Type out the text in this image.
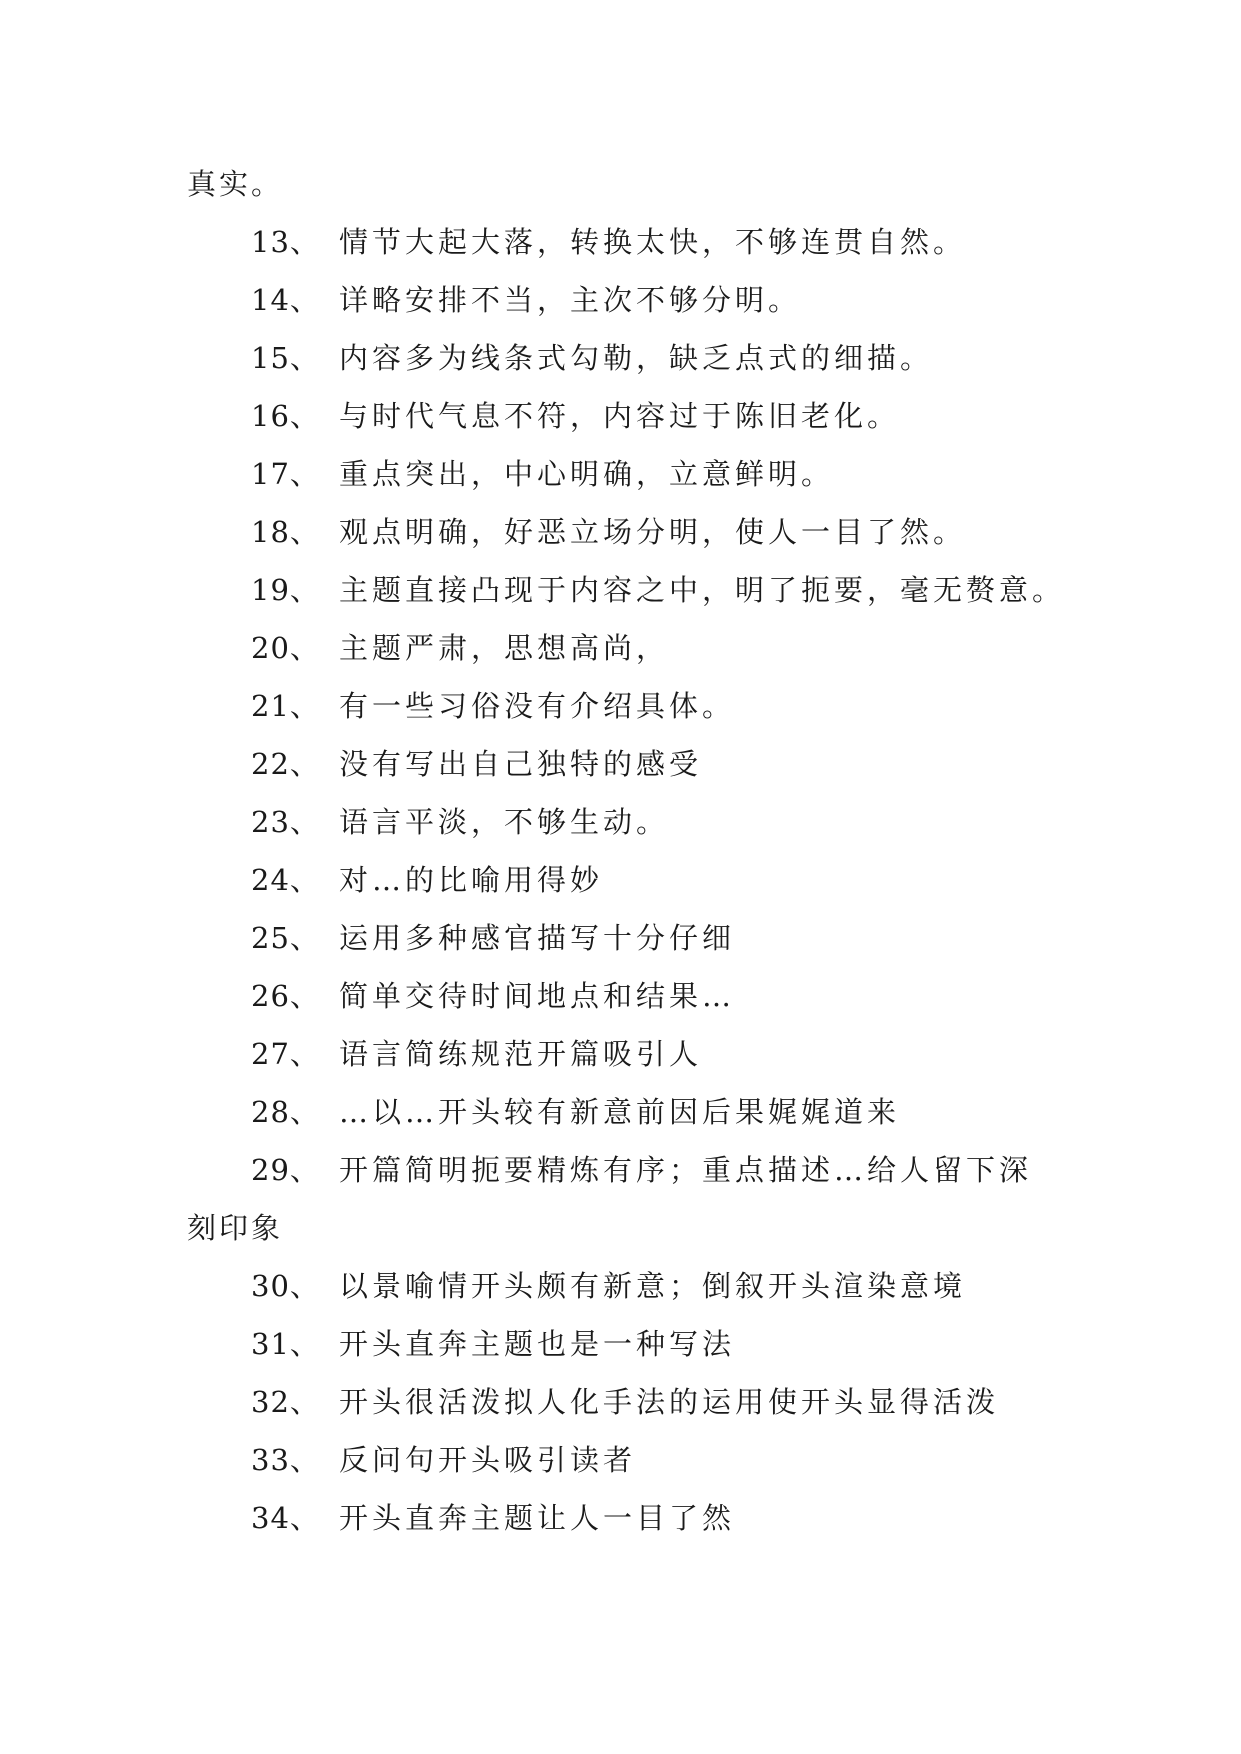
真实。
13、 情节大起大落，转换太快，不够连贯自然。
14、 详略安排不当，主次不够分明。
15、 内容多为线条式勾勒，缺乏点式的细描。
16、 与时代气息不符，内容过于陈旧老化。
17、 重点突出，中心明确，立意鲜明。
18、 观点明确，好恶立场分明，使人一目了然。
19、 主题直接凸现于内容之中，明了扼要，毫无赘意。
20、 主题严肃，思想高尚，
21、 有一些习俗没有介绍具体。
22、 没有写出自己独特的感受
23、 语言平淡，不够生动。
24、 对…的比喻用得妙
25、 运用多种感官描写十分仔细
26、 简单交待时间地点和结果…
27、 语言简练规范开篇吸引人
28、 …以…开头较有新意前因后果娓娓道来
29、 开篇简明扼要精炼有序；重点描述…给人留下深
刻印象
30、 以景喻情开头颇有新意；倒叙开头渲染意境
31、 开头直奔主题也是一种写法
32、 开头很活泼拟人化手法的运用使开头显得活泼
33、 反问句开头吸引读者
34、 开头直奔主题让人一目了然
